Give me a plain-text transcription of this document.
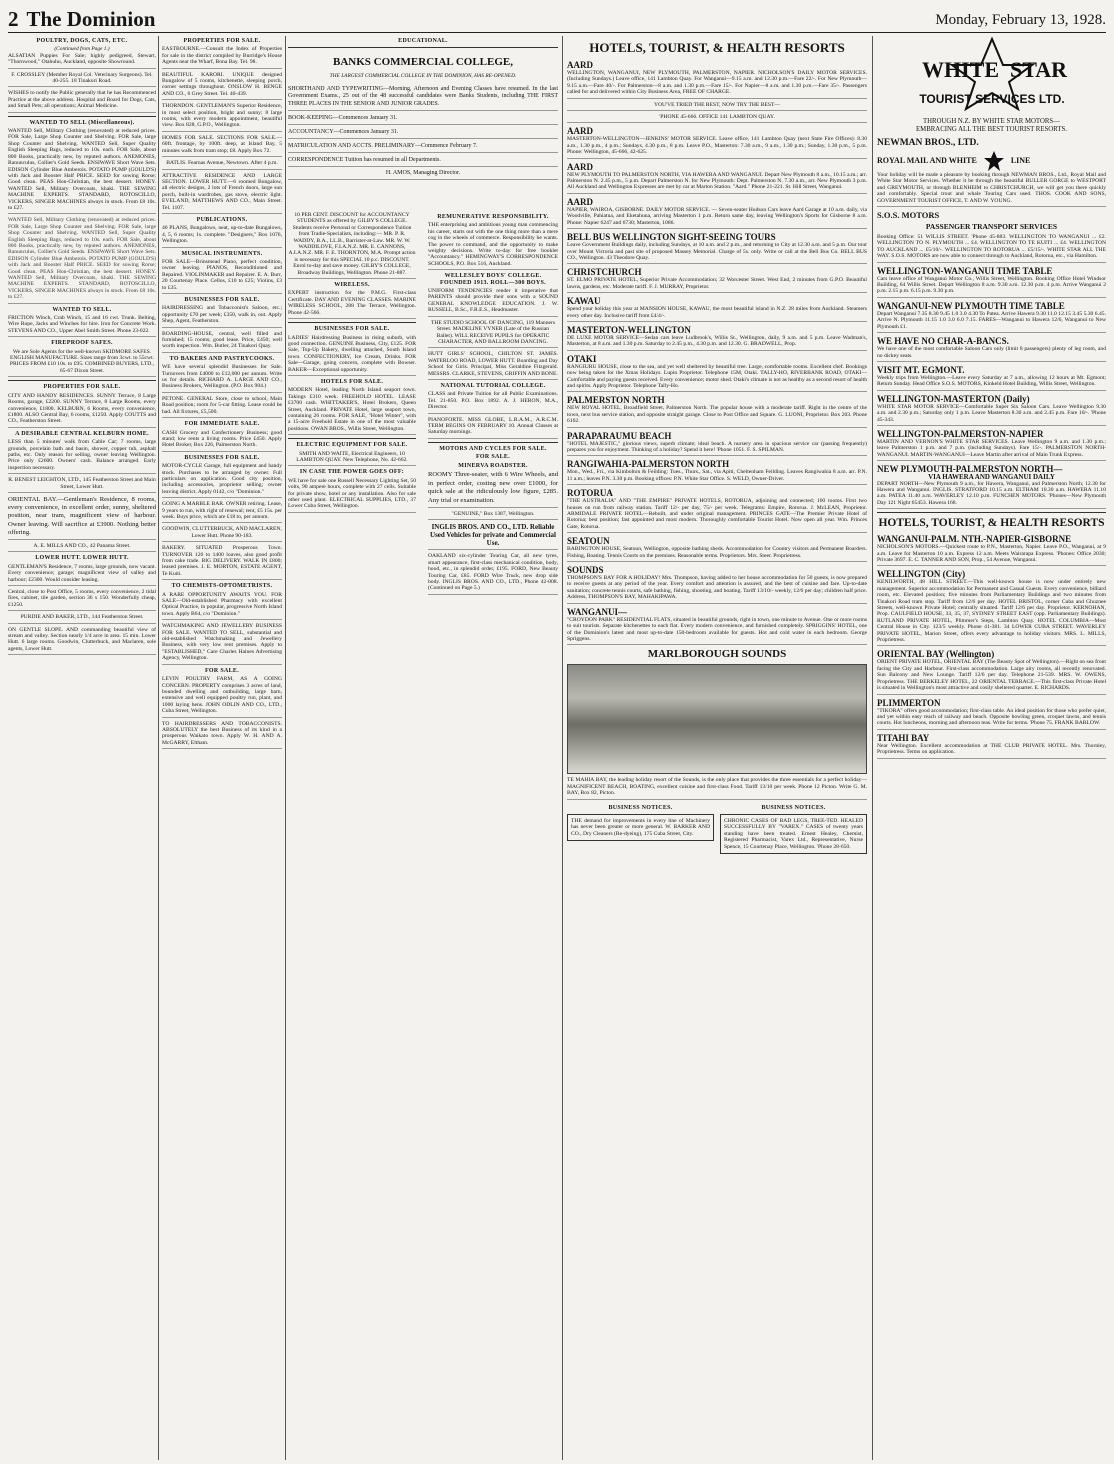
2 The Dominion	Monday, February 13, 1928.
POULTRY, DOGS, CATS, ETC.
(Continued from Page 1.)

ALSATIAN Puppies For Sale; highly pedigreed, Stewart, "Thornwood," Otahuhu, Auckland, opposite Showround.

F. CROSSLEY (Member Royal Col. Veterinary Surgeons). Tel. 40-255. 18 Tinakori Road.

WISHES to notify the Public generally that he has Recommenced Practice at the above address. Hospital and Board for Dogs, Cats, and Small Pets; all operations; Animal Medicine.

WANTED TO SELL (Miscellaneous).

WANTED Sell, Military Clothing (renovated) at reduced prices. FOR Sale, Large Shop Counter and Shelving. FOR Sale, large Shop Counter and Shelving. WANTED Sell, Super Quality English Sleeping Bags, reduced to 10s. each. FOR Sale, about 800 Books, practically new, by reputed authors. ANEMONES, Ranunculus, Collier's Gold Seeds. ENSIWAVE Short Wave Sets. EDISON Cylinder Blue Amberols. POTATO PUMP (GOULD'S) with Jack and Booster Half PRICE. SEED for sowing Rorse; Good clean. PEAS Hon-Christian, the best dessert. HONEY. WANTED Sell, Military Overcoats, khaki. THE SEWING MACHINE EXPERTS. STANDARD, ROTOSCILLO, VICKERS, SINGER MACHINES always in stock. From £8 10s. to £27.

WANTED Sell, Military Clothing (renovated) at reduced prices. FOR Sale, Large Shop Counter and Shelving. FOR Sale, large Shop Counter and Shelving. WANTED Sell, Super Quality English Sleeping Bags, reduced to 10s. each. FOR Sale, about 800 Books, practically new, by reputed authors. ANEMONES, Ranunculus, Collier's Gold Seeds. ENSIWAVE Short Wave Sets. EDISON Cylinder Blue Amberols. POTATO PUMP (GOULD'S) with Jack and Booster Half PRICE. SEED for sowing Rorse; Good clean. PEAS Hon-Christian, the best dessert. HONEY. WANTED Sell, Military Overcoats, khaki. THE SEWING MACHINE EXPERTS. STANDARD, ROTOSCILLO, VICKERS, SINGER MACHINES always in stock. From £8 10s. to £27.

WANTED TO SELL.

FRICTION Winch, Crab Winch, 15 and 16 cwt. Trunk. Belting, Wire Rope, Jacks and Winches for hire. Iron for Concrete Work. STEVENS AND CO., Upper Abel Smith Street. Phone 23-022.

FIREPROOF SAFES.

We are Sole Agents for the well-known SKIDMORE SAFES. ENGLISH MANUFACTURE. Sizes range from 3cwt. to 55cwt. PRICES FROM £10 10s. to £95. COMBINED BUYERS, LTD., 65-67 Dixon Street.

PROPERTIES FOR SALE.

CITY AND HANDY RESIDENCES. SUNNY Terrace, 8 Large Rooms, garage, £2200. SUNNY Terrace, 8 Large Rooms, every convenience, £1800. KELBURN, 6 Rooms, every convenience, £1800. ALSO Central Bay, 6 rooms, £1250. Apply COUTTS and CO., Featherston Street.

A DESIRABLE CENTRAL KELBURN HOME.

LESS than 5 minutes' walk from Cable Car; 7 rooms, large grounds, porcelain bath and basin, shower, copper tub, asphalt paths, etc. Only reason for selling, owner leaving Wellington. Price only £2600. Owners' cash. Balance arranged. Early inspection necessary.

R. BENEST LEIGHTON, LTD., 145 Featherston Street and Main Street, Lower Hutt.

ORIENTAL BAY.—Gentleman's Residence, 8 rooms, every convenience, in excellent order, sunny, sheltered position, near tram, magnificent view of harbour. Owner leaving. Will sacrifice at £3900. Nothing better offering.

A. E. MILLS AND CO., 42 Panama Street.

LOWER HUTT. LOWER HUTT.

GENTLEMAN'S Residence, 7 rooms, large grounds, now vacant. Every convenience; garage; magnificent view of valley and harbour; £2300. Would consider leasing.

Central, close to Post Office, 5 rooms, every convenience, 2 tidal fires, cabinet, tile garden, section 36 x 150. Wonderfully cheap, £1250.

PURDIE AND BAKER, LTD., 144 Featherston Street.

ON GENTLE SLOPE. AND commanding beautiful view of stream and valley. Section nearly 1/4 acre in area. 15 min. Lower Hutt. 6 large rooms. Goodwin, Clutterbuck, and Maclaren, sole agents, Lower Hutt.

PROPERTIES FOR SALE.

EASTBOURNE.—Consult the Index of Properties for sale in the district compiled by Burridge's House Agents near the Wharf, Bona Bay. Tel. 98.

BEAUTIFUL KARORI. UNIQUE designed Bungalow of 5 rooms, kitchenette, sleeping porch, corner settings throughout. ONSLOW H. BENGE AND CO., 6 Grey Street. Tel. 40-439.

THORNDON. GENTLEMAN'S Superior Residence, in most select position, bright and sunny; 8 large rooms, with every modern appointment, beautiful view. Box 828, G.P.O., Wellington.

HOMES FOR SALE. SECTIONS FOR SALE.—60ft. frontage, by 100ft. deep, at Island Bay, 5 minutes walk from tram stop; £8. Apply Box 72.

BATLIS. Fearnas Avenue, Newtown. After 4 p.m.

ATTRACTIVE RESIDENCE AND LARGE SECTION. LOWER HUTT.—6 roomed Bungalow, all electric designs, 2 lots of French doors, large sun porch, built-in wardrobes, gas stove, electric light. EVELAND, MATTHEWS AND CO., Main Street. Tel. 1107.

PUBLICATIONS.

40 PLANS, Bungalows, neat, up-to-date Bungalows, 4, 5, 6 rooms; 1s. complete. "Designers," Box 1076, Wellington.

MUSICAL INSTRUMENTS.

FOR SALE—Brinsmead Piano, perfect condition, owner leaving. PIANOS, Reconditioned and Repaired. VIOLINMAKER and Repairer. E. A. Burr, 20 Courtenay Place. Cellos, £10 to £25; Violins, £3 to £35.

BUSINESSES FOR SALE.

HAIRDRESSING and Tobacconist's Saloon, etc.; opportunity £70 per week; £350, walk in, out. Apply Shep, Agent, Featherston.

BOARDING-HOUSE, central, well filled and furnished; 15 rooms; good lease. Price, £450; well worth inspection. Wm. Butler, 24 Tinakori Quay.

TO BAKERS AND PASTRYCOOKS.

WE have several splendid Businesses for Sale. Turnovers from £4000 to £12,000 per annum. Write us for details. RICHARD A. LARGE AND CO., Business Brokers, Wellington. (P.O. Box 904.)

PETONE. GENERAL Store, close to school, Main Road position; room for 5-car fitting. Lease could be had. All fixtures, £5,500.

FOR IMMEDIATE SALE.

CASH Grocery and Confectionery Business; good stand; low rents a living rooms. Price £450. Apply Hotel Broker, Box 226, Palmerston North.

BUSINESSES FOR SALE.

MOTOR-CYCLE Garage, full equipment and handy stock. Purchases to be arranged by owner. Full particulars on application. Good city position, including accessories, proprietor selling; owner leaving district. Apply 0142, c/o "Dominion."

GOING A MARBLE BAR. OWNER retiring. Lease, 9 years to run, with right of renewal; rent, £5 15s. per week. Buys price, which are £18 to, per annum.

GOODWIN, CLUTTERBUCK, AND MACLAREN, Lower Hutt. Phone 90-183.

BAKERY. SITUATED Prosperous Town. TURNOVER 126 to 1400 loaves, also good profit from cake trade. BIG DELIVERY. WALK IN £800; leased premises. J. E. MORTON, ESTATE AGENT, Te Kuiti.

TO CHEMISTS-OPTOMETRISTS.

A RARE OPPORTUNITY AWAITS YOU. FOR SALE—Old-established Pharmacy with excellent Optical Practice, in popular, progressive North Island town. Apply B64, c/o "Dominion."

WATCHMAKING AND JEWELLERY BUSINESS FOR SALE. WANTED TO SELL, substantial and old-established Watchmaking and Jewellery Business, with very low rent premises. Apply to "ESTABLISHED," Care Charles Haines Advertising Agency, Wellington.

FOR SALE.

LEVIN POULTRY FARM, AS A GOING CONCERN. PROPERTY comprises 3 acres of land, bounded dwelling and outbuilding, large barn, extensive and well equipped poultry run, plant, and 1000 laying hens. JOHN ODLIN AND CO., LTD., Cuba Street, Wellington.

TO HAIRDRESSERS AND TOBACCONISTS. ABSOLUTELY the best Business of its kind in a prosperous Waikato town. Apply W. H. AND A. McGARRY, Eltham.

EDUCATIONAL.
BANKS COMMERCIAL COLLEGE,
THE LARGEST COMMERCIAL COLLEGE IN THE DOMINION, HAS RE-OPENED.

SHORTHAND AND TYPEWRITING—Morning, Afternoon and Evening Classes have resumed. In the last Government Exams., 25 out of the 48 successful candidates were Banks Students, including THE FIRST THREE PLACES IN THE SENIOR AND JUNIOR GRADES.

BOOK-KEEPING—Commences January 31.

ACCOUNTANCY—Commences January 31.

MATRICULATION AND ACCTS. PRELIMINARY—Commence February 7.

CORRESPONDENCE Tuition has resumed in all Departments.

H. AMOS, Managing Director.

10 PER CENT. DISCOUNT for ACCOUNTANCY STUDENTS as offered by GILBY'S COLLEGE. Students receive Personal or Correspondence Tuition from Tradie-Specialists, including:— MR. P. R. WADDY, B.A., LL.B., Barrister-at-Law. MR. W. W. WADDILOVE, F.I.A.N.Z. MR. E. CANNONS, A.I.A.N.Z. MR. F. E. THORNTON, M.A. Prompt action is necessary for this SPECIAL 10 p.c. DISCOUNT. Enrol to-day and save money. GILBY'S COLLEGE, Broadway Buildings, Wellington. Phone 21-887.

WIRELESS.

EXPERT instruction for the P.M.G. First-class Certificate. DAY AND EVENING CLASSES. MARINE WIRELESS SCHOOL, 288 The Terrace, Wellington. Phone 42-566.

BUSINESSES FOR SALE.

LADIES' Hairdressing Business in rising suburb, with good connection. GENUINE Business, City, £125. FOR Sale, Top-Up Bakery, dwelling attached, South Island town. CONFECTIONERY, Ice Cream, Drinks. FOR Sale—Garage, going concern, complete with Bowser. BAKER—Exceptional opportunity.

HOTELS FOR SALE.

MODERN Hotel, leading North Island seaport town. Takings £310 week. FREEHOLD HOTEL. LEASE £3700 cash. WHITTAKER'S, Hotel Brokers, Queen Street, Auckland. PRIVATE Hotel, large seaport town, containing 26 rooms. FOR SALE, "Hotel Winter", with a 15-acre Freehold Estate in one of the most valuable positions. OWAN BROS., Willis Street, Wellington.

ELECTRIC EQUIPMENT FOR SALE.

SMITH AND WAITE, Electrical Engineers, 10 LAMBTON QUAY. New Telephone, No. 42-662.

IN CASE THE POWER GOES OFF:

WE have for sale one Russell Necessary Lighting Set, 50 volts, 90 ampere hours, complete with 27 cells. Suitable for private show, hotel or any installation. Also for sale other used plant. ELECTRICAL SUPPLIES, LTD., 37 Lower Cuba Street, Wellington.

REMUNERATIVE RESPONSIBILITY.

THE enterprising and ambitious young man commencing his career, starts out with the one thing more than a mere cog in the wheels of commerce. Responsibility he wants. The power to command, and the opportunity to make weighty decisions. Write to-day for free booklet "Accountancy." HEMINGWAY'S CORRESPONDENCE SCHOOLS, P.O. Box 516, Auckland.

WELLESLEY BOYS' COLLEGE. FOUNDED 1913. ROLL—300 BOYS.

UNIFORM TENDENCIES render it imperative that PARENTS should provide their sons with a SOUND GENERAL KNOWLEDGE EDUCATION. J. W. RUSSELL, B.Sc., F.R.E.S., Headmaster.

THE STUDIO SCHOOL OF DANCING, 119 Manners Street. MADELINE VYNER (Late of the Russian Ballet). WILL RECEIVE PUPILS for OPERATIC CHARACTER, AND BALLROOM DANCING.

HUTT GIRLS' SCHOOL, CHILTON ST. JAMES. WATERLOO ROAD, LOWER HUTT. Boarding and Day School for Girls. Principal, Miss Geraldine Fitzgerald. MESSRS. CLARKE, STEVENS, GRIFFIN AND BONE.

NATIONAL TUTORIAL COLLEGE.

CLASS and Private Tuition for all Public Examinations. Tel. 21-850. P.O. Box 1892. A. J. HERON, M.A., Director.

PIANOFORTE. MISS GLOBE, L.R.A.M., A.R.C.M. TERM BEGINS ON FEBRUARY 10. Annual Classes at Saturday mornings.

MOTORS AND CYCLES FOR SALE.
FOR SALE.
MINERVA ROADSTER.

ROOMY Three-seater, with 6 Wire Wheels, and in perfect order, costing new over £1000, for quick sale at the ridiculously low figure, £285. Any trial or examination.

"GENUINE," Box 1387, Wellington.

INGLIS BROS. AND CO., LTD. Reliable Used Vehicles for private and Commercial Use.

OAKLAND six-cylinder Touring Car, all new tyres, smart appearance, first-class mechanical condition, body, hood, etc., in splendid order, £195. FORD, New Beauty Touring Car, £85. FORD Wire Truck, new drop side body. INGLIS BROS. AND CO., LTD., Phone 42-008. (Continued on Page 5.)

HOTELS, TOURIST, & HEALTH RESORTS
AARD

WELLINGTON, WANGANUI, NEW PLYMOUTH, PALMERSTON, NAPIER. NICHOLSON'S DAILY MOTOR SERVICES. (Including Sundays.) Leave office, 141 Lambton Quay. For Wanganui—9.15 a.m. and 12.30 p.m.—Fare 22/-. For New Plymouth—9.15 a.m.—Fare 40/-. For Palmerston—8 a.m. and 1.30 p.m.—Fare 15/-. For Napier—8 a.m. and 1.30 p.m.—Fare 35/-. Passengers called for and delivered within City Business Area, FREE OF CHARGE.

YOU'VE TRIED THE REST, NOW TRY THE BEST—

'PHONE 45-666. OFFICE 141 LAMBTON QUAY.

AARD

MASTERTON-WELLINGTON—JENKINS' MOTOR SERVICE. Leave office, 141 Lambton Quay (next State Fire Offices): 8.30 a.m., 1.30 p.m., 4 p.m.; Sundays, 4.30 p.m., 8 p.m. Leave P.O., Masterton: 7.30 a.m., 9 a.m., 1.30 p.m.; Sunday, 1.30 p.m., 5 p.m. Phone: Wellington, 45-666, 42-625.

AARD

NEW PLYMOUTH TO PALMERSTON NORTH, VIA HAWERA AND WANGANUI. Depart New Plymouth 8 a.m., 10.15 a.m.; arr. Palmerston N. 2.45 p.m., 5 p.m. Depart Palmerston N. for New Plymouth: Dept. Palmerston N. 7.30 a.m., arr. New Plymouth 3 p.m. All Auckland and Wellington Expresses are met by car at Marton Station. "Aard." Phone 21-221. St. Hill Street, Wanganui.

AARD

NAPIER, WAIROA, GISBORNE. DAILY MOTOR SERVICE. — Seven-seater Hudson Cars leave Aard Garage at 10 a.m. daily, via Woodville, Pahiatua, and Eketahuna, arriving Masterton 1 p.m. Return same day, leaving Wellington's Sports for Gisborne 8 a.m. Phone: Napier 6247 and 6730; Masterton, 1086.

BELL BUS WELLINGTON SIGHT-SEEING TOURS

Leave Government Buildings daily, including Sundays, at 10 a.m. and 2 p.m., and returning to City at 12.30 a.m. and 5 p.m. Our tour over Mount Victoria and past site of proposed Massey Memorial. Charge of 5s. only. Write or call at the Bell Bus Co. BELL BUS CO., Wellington. 43 Theodore Quay.

CHRISTCHURCH

ST. ELMO PRIVATE HOTEL, Superior Private Accommodation; 32 Worcester Street. West End, 2 minutes from G.P.O. Beautiful lawns, gardens, etc. Moderate tariff. F. J. MURRAY, Proprietor.

KAWAU

Spend your holiday this year at MANSION HOUSE, KAWAU, the most beautiful island in N.Z. 28 miles from Auckland. Steamers every other day. Inclusive tariff from £4/4/-.

MASTERTON-WELLINGTON

DE LUXE MOTOR SERVICE—Sedan cars leave Ludbrook's, Willis St., Wellington, daily, 9 a.m. and 5 p.m. Leave Wadman's, Masterton, at 8 a.m. and 1.30 p.m. Saturday to 2.45 p.m., 4.30 p.m. and 12.30. G. BRADWELL, Prop.

OTAKI

RANGIURU HOUSE, close to the sea, and yet well sheltered by beautiful tree. Large, comfortable rooms. Excellent chef. Bookings now being taken for the Xmas Holidays. Lupin Proprietor. Telephone 15M, Otaki. TALLY-HO, RIVERBANK ROAD, OTAKI—Comfortable and paying guests received. Every convenience; motor shed. Otaki's climate is not as healthy as a second resort of health and spirits. Apply Proprietor. Telephone Tally-Ho.

PALMERSTON NORTH

NEW ROYAL HOTEL, Broadfield Street, Palmerston North. The popular house with a moderate tariff. Right in the centre of the town, next bus service station, and opposite straight garage. Close to Post Office and Square. G. LUONI, Proprietor. Box 203. Phone 6162.

PARAPARAUMU BEACH

"HOTEL MAJESTIC," glorious views, superb climate; ideal beach. A nursery area in spacious service car (passing frequently) prepares you for enjoyment. Thinking of a holiday? Spend it here! 'Phone 1051. F. S. SPILMAN.

RANGIWAHIA-PALMERSTON NORTH

Mon., Wed., Fri., via Kimbolton & Feilding: Tues., Thurs., Sat., via Apiti, Cheltenham Feilding. Leaves Rangiwahia 8 a.m. arr. P.N. 11 a.m.; leaves P.N. 3.30 p.m. Booking offices: P.N. White Star Office. S. WELD, Owner-Driver.

ROTORUA

"THE AUSTRALIA" AND "THE EMPIRE" PRIVATE HOTELS, ROTORUA, adjoining and connected; 160 rooms. First two houses on run from railway station. Tariff 12/- per day, 75/- per week. Telegrams: Empire, Rotorua. J. McLEAN, Proprietor. ARMIDALE PRIVATE HOTEL—Rebuilt, and under original management. PRINCES GATE—The Premier Private Hotel of Rotorua; best position; fast appointed and most modern. Thoroughly comfortable Tourist Hotel. Now open all year. Wm. Princes Gate, Rotorua.

SEATOUN

BABINGTON HOUSE, Seatoun, Wellington, opposite bathing sheds. Accommodation for Country visitors and Permanent Boarders. Fishing, Boating. Tennis Courts on the premises. Reasonable terms. Proprietors. Mrs. Steer. Proprietress.

SOUNDS

THOMPSON'S BAY FOR A HOLIDAY! Mrs. Thompson, having added to her house accommodation for 50 guests, is now prepared to receive guests at any period of the year. Every comfort and attention is assured, and the best of cuisine and fare. Up-to-date sanitation; concrete tennis courts, safe bathing, fishing, shooting, and boating. Tariff 13/10/- weekly, 12/6 per day; children half price. Address, THOMPSON'S BAY, MAHAKIPAWA.

WANGANUI—

"CROYDON PARK" RESIDENTIAL FLATS, situated in beautiful grounds, right in town, one minute to Avenue. One or more rooms to suit tourists. Separate kitchenettes to each flat. Every modern convenience, and furnished completely. SPRIGGINS' HOTEL, one of the Dominion's latest and most up-to-date 150-bedroom available for guests. Hot and cold water in each bedroom. George Spriggens.

MARLBOROUGH SOUNDS

TE MAHIA BAY, the leading holiday resort of the Sounds, is the only place that provides the three essentials for a perfect holiday—MAGNIFICENT BEACH, BOATING, excellent cuisine and first-class Food. Tariff 13/10 per week. Phone 12 Picton. Write G. M. BAY, Box 82, Picton.

BUSINESS NOTICES.

THE demand for improvements in every line of Machinery has never been greater or more general. W. BARKER AND CO., Dry Cleaners (Re-dyeing), 175 Cuba Street, City.

BUSINESS NOTICES.

CHRONIC CASES OF BAD LEGS, TREE-TED. HEALED SUCCESSFULLY BY "VAREX." CASES of twenty years standing have been treated. Ernest Healey, Chemist, Registered Pharmacist, Varex Ltd., Representative, Nurse Spence, 15 Courtenay Place, Wellington. 'Phone 28-650.

WHITE STAR
TOURIST SERVICES LTD.
THROUGH N.Z. BY WHITE STAR MOTORS—
EMBRACING ALL THE BEST TOURIST RESORTS.
NEWMAN BROS., LTD.
ROYAL MAIL AND WHITE	LINE

Your holiday will be made a pleasure by booking through NEWMAN BROS., Ltd., Royal Mail and White Star Motor Services. Whether it be through the beautiful BULLER GORGE to WESTPORT and GREYMOUTH, or through BLENHEIM to CHRISTCHURCH, we will get you there quickly and comfortably. Special trout and whale Touring Cars used. THOS. COOK AND SONS, GOVERNMENT TOURIST OFFICE, T. AND W. YOUNG.

S.O.S. MOTORS
PASSENGER TRANSPORT SERVICES

Booking Office: 51 WILLIS STREET. 'Phone 45-883. WELLINGTON TO WANGANUI ... £2. WELLINGTON TO N. PLYMOUTH ... £4. WELLINGTON TO TE KUITI ... £4. WELLINGTON TO AUCKLAND ... £5/10/-. WELLINGTON TO ROTORUA ... £5/15/-. WHITE STAR ALL THE WAY. S.O.S. MOTORS are now able to connect through to Auckland, Rotorua, etc., via Hamilton.

WELLINGTON-WANGANUI TIME TABLE

Cars leave office of Wanganui Motor Co., Willis Street, Wellington. Booking Office Hotel Windsor Building, 64 Willis Street. Depart Wellington 8 a.m. 9.30 a.m. 12.30 p.m. 4 p.m. Arrive Wanganui 2 p.m. 2.15 p.m. 6.15 p.m. 9.30 p.m.

WANGANUI-NEW PLYMOUTH TIME TABLE

Depart Wanganui 7.35 8.30 9.45 1.0 3.0 4.30 To Patea. Arrive Hawera 9.30 11.0 12.15 3.45 5.30 6.45. Arrive N. Plymouth 11.15 1.0 3.0 6.0 7.15. FARES—Wanganui to Hawera 12/6, Wanganui to New Plymouth £1.

WE HAVE NO CHAR-A-BANCS.

We have one of the most comfortable Saloon Cars only (limit 8 passengers) plenty of leg room, and no dickey seats.

VISIT MT. EGMONT.

Weekly trips from Wellington.—Leave every Saturday at 7 a.m., allowing 12 hours at Mt. Egmont; Return Sunday. Head Office S.O.S. MOTORS, Kinkeld Hotel Building, Willis Street, Wellington.

WELLINGTON-MASTERTON (Daily)

WHITE STAR MOTOR SERVICE—Comfortable Super Six Saloon Cars. Leave Wellington 9.30 a.m. and 2.30 p.m.; Saturday only 1 p.m. Leave Masterton 8.30 a.m. and 2.45 p.m. Fare 10/-. 'Phone 45-343.

WELLINGTON-PALMERSTON-NAPIER

MARTIN AND VERNON'S WHITE STAR SERVICES. Leave Wellington 9 a.m. and 1.30 p.m.; leave Palmerston 1 p.m. and 7 p.m. (including Sundays). Fare 15/-. PALMERSTON NORTH-WANGANUI. MARTIN-WANGANUI—Leave Martin after arrival of Main Trunk Express.

NEW PLYMOUTH-PALMERSTON NORTH—
VIA HAWERA AND WANGANUI DAILY

DEPART NORTH—New Plymouth 9 a.m., for Hawera, Wanganui, and Palmerston North; 12.30 for Hawera and Wanganui. INGLIS. STRATFORD 10.15 a.m. ELTHAM 10.30 a.m. HAWERA 11.10 a.m. PATEA 11.40 a.m. WAVERLEY 12.10 p.m. FUNCHEN MOTORS. 'Phones—New Plymouth Day 121 Night 65453. Hawera 168.

HOTELS, TOURIST, & HEALTH RESORTS
WANGANUI-PALM. NTH.-NAPIER-GISBORNE

NICHOLSON'S MOTORS.—Quickest route to P.N., Masterton, Napier. Leave P.O., Wanganui, at 9 a.m. Leave for Masterton 10 a.m. Express 12 a.m. Meets Wairarapa Express. 'Phones: Office 2030; Private 3697. E. C. TANNER AND SON, Prop., 54 Avenue, Wanganui.

WELLINGTON (City)

KENILWORTH, 48 HILL STREET.—This well-known house is now under entirely new management. Superior accommodation for Permanent and Casual Guests. Every convenience, billiard room, etc. Elevated position; five minutes from Parliamentary Buildings and two minutes from Tinakori Road tram stop. Tariff from 12/6 per day. HOTEL BRISTOL, corner Cuba and Ghuznee Streets, well-known Private Hotel; centrally situated. Tariff 12/6 per day. Proprietor. KERNOHAN, Prop. CAULFIELD HOUSE, 33, 35, 37, SYDNEY STREET EAST (opp. Parliamentary Buildings). RUTLAND PRIVATE HOTEL, Plimmer's Steps, Lambton Quay. HOTEL COLUMBIA—Most Central House in City. 123/5 weekly. Phone 41-381. 34 LOWER CUBA STREET. WAVERLEY PRIVATE HOTEL, Marion Street, offers every advantage to holiday visitors. MRS. L. MILLS, Proprietress.

ORIENTAL BAY (Wellington)

ORIENT PRIVATE HOTEL, ORIENTAL BAY (The Beauty Spot of Wellington).—Right on sea front facing the City and Harbour. First-class accommodation. Large airy rooms, all recently renovated. Sun Balcony and New Lounge. Tariff 12/6 per day. Telephone 21-539. MRS. W. OWENS, Proprietress. THE BERKELEY HOTEL, 22 ORIENTAL TERRACE.—This first-class Private Hotel is situated in Wellington's most attractive and cosily sheltered quarter. E. RICHARDS.

PLIMMERTON

"TIKORA" offers good accommodation; first-class table. An ideal position for those who prefer quiet, and yet within easy reach of railway and beach. Opposite bowling green, croquet lawns, and tennis courts. Hot luncheons, morning and afternoon teas. Write for terms. 'Phone 75. FRANK BARLOW.

TITAHI BAY

Near Wellington. Excellent accommodation at THE CLUB PRIVATE HOTEL. Mrs. Thornley, Proprietress. Terms on application.
